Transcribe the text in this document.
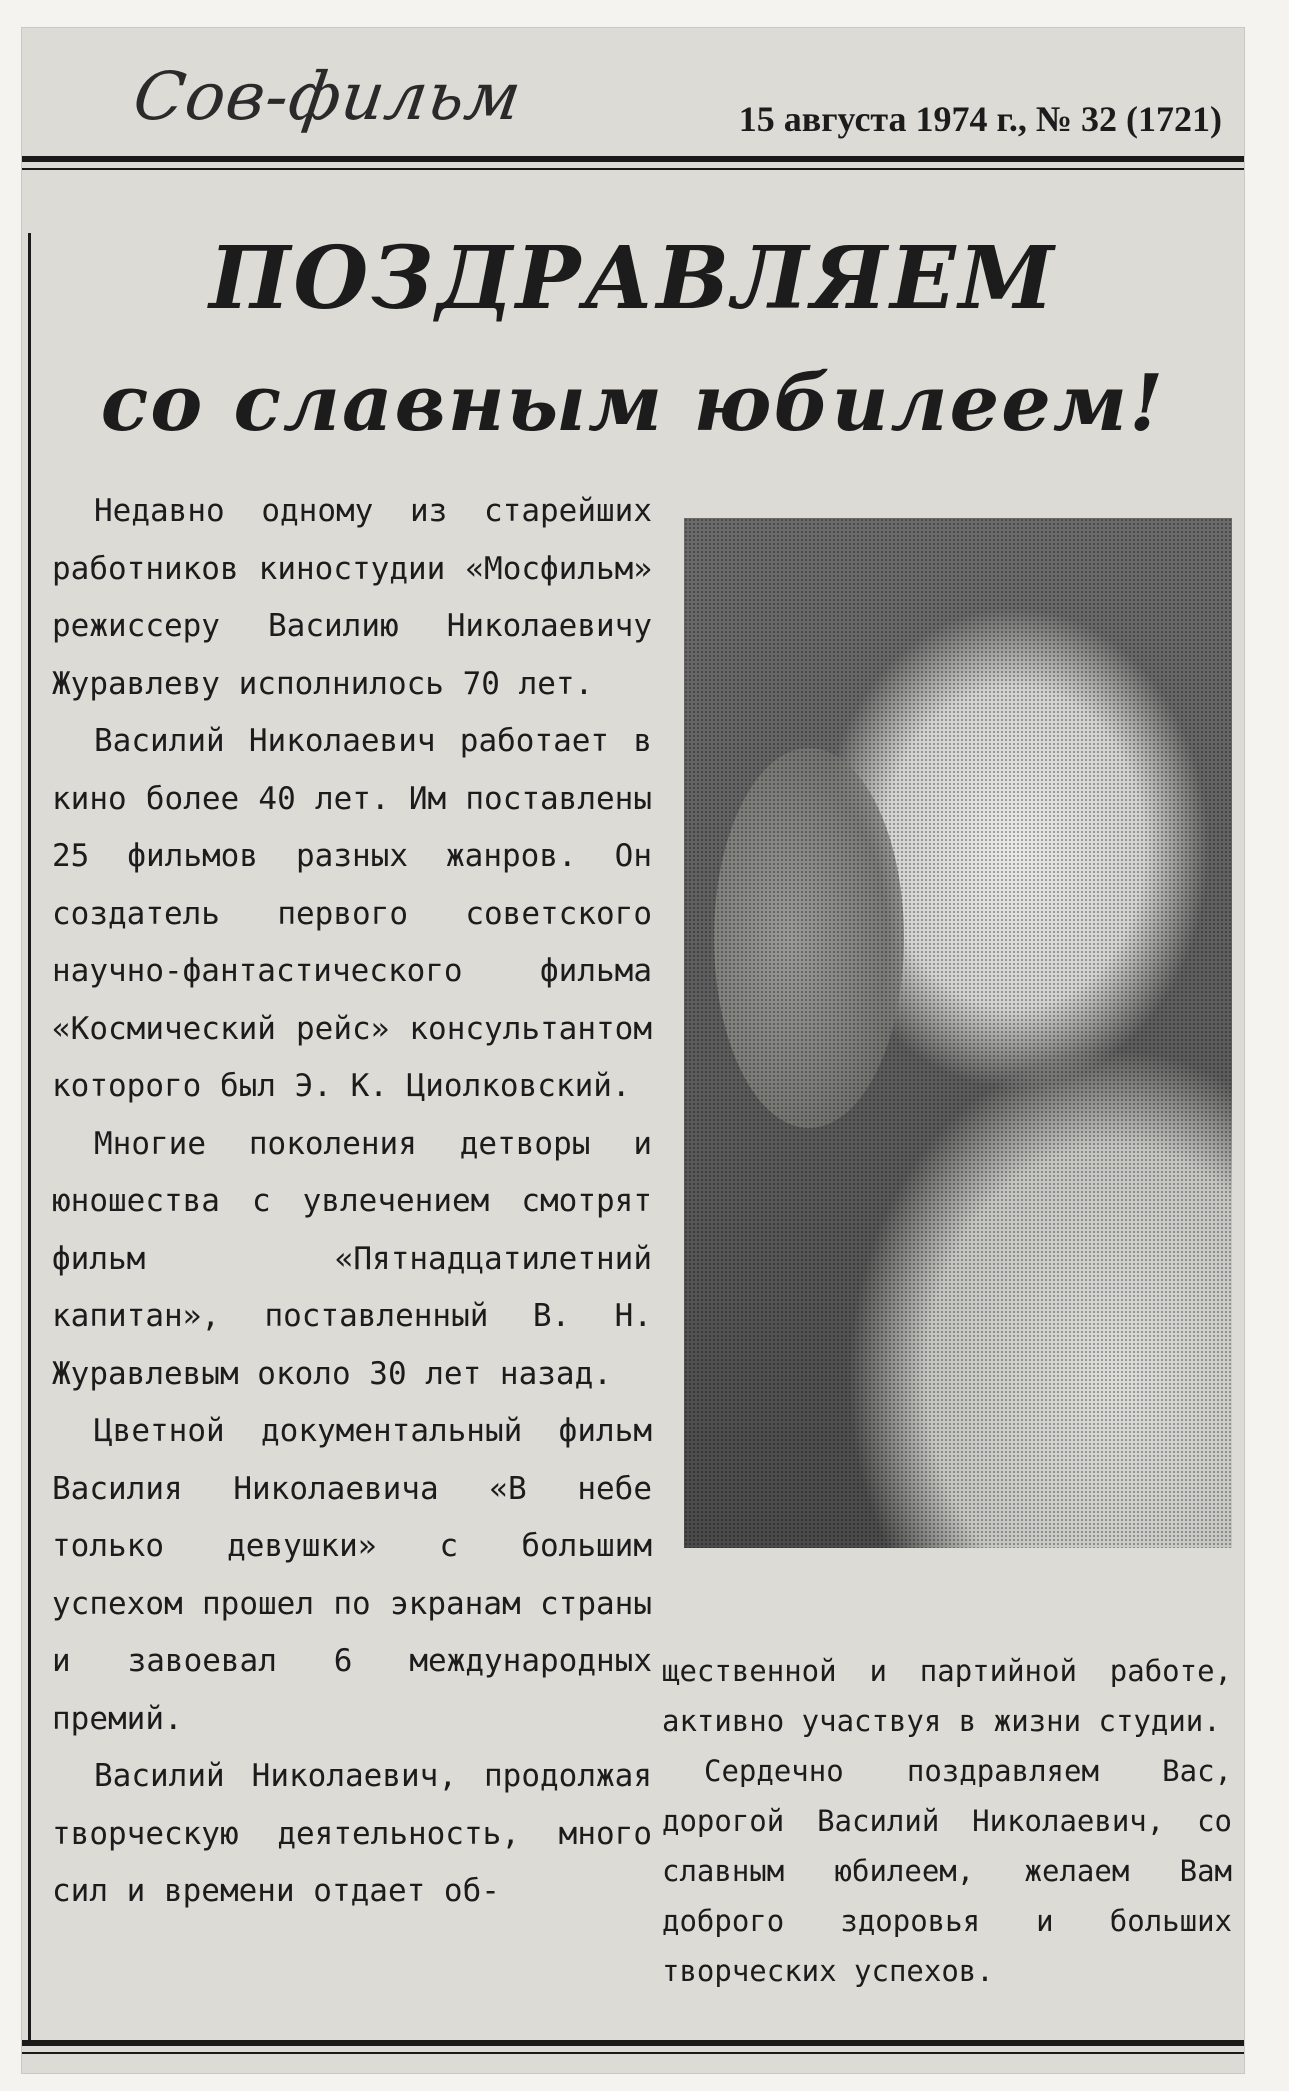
Сов-фильм	15 августа 1974 г., № 32 (1721)
ПОЗДРАВЛЯЕМ
со славным юбилеем!

Недавно одному из старейших работников киностудии «Мосфильм» режиссеру Василию Николаевичу Журавлеву исполнилось 70 лет.

Василий Николаевич работает в кино более 40 лет. Им поставлены 25 фильмов разных жанров. Он создатель первого советского научно-фантастического фильма «Космический рейс» консультантом которого был Э. К. Циолковский.

Многие поколения детворы и юношества с увлечением смотрят фильм «Пятнадцатилетний капитан», поставленный В. Н. Журавлевым около 30 лет назад.

Цветной документальный фильм Василия Николаевича «В небе только девушки» с большим успехом прошел по экранам страны и завоевал 6 международных премий.

Василий Николаевич, продолжая творческую деятельность, много сил и времени отдает об-

щественной и партийной работе, активно участвуя в жизни студии.

Сердечно поздравляем Вас, дорогой Василий Николаевич, со славным юбилеем, желаем Вам доброго здоровья и больших творческих успехов.
